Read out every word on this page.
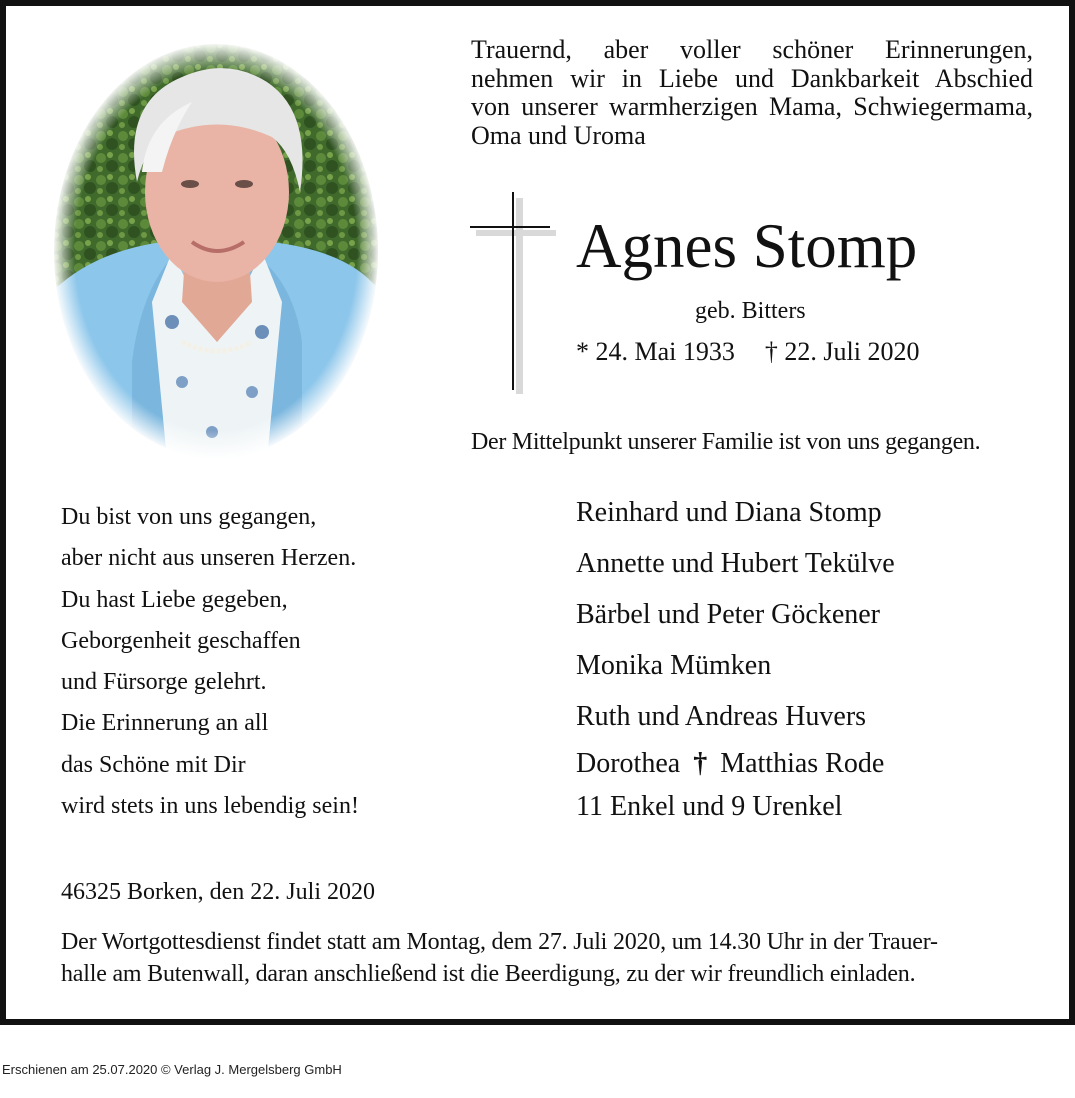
Trauernd, aber voller schöner Erinnerungen,
nehmen wir in Liebe und Dankbarkeit Abschied
von unserer warmherzigen Mama, Schwiegermama,
Oma und Uroma

Agnes Stomp
geb. Bitters
* 24. Mai 1933 † 22. Juli 2020
Der Mittelpunkt unserer Familie ist von uns gegangen.
Du bist von uns gegangen,
aber nicht aus unseren Herzen.
Du hast Liebe gegeben,
Geborgenheit geschaffen
und Fürsorge gelehrt.
Die Erinnerung an all
das Schöne mit Dir
wird stets in uns lebendig sein!
Reinhard und Diana Stomp
Annette und Hubert Tekülve
Bärbel und Peter Göckener
Monika Mümken
Ruth und Andreas Huvers
Dorothea † Matthias Rode
11 Enkel und 9 Urenkel
46325 Borken, den 22. Juli 2020

Der Wortgottesdienst findet statt am Montag, dem 27. Juli 2020, um 14.30 Uhr in der Trauer-
halle am Butenwall, daran anschließend ist die Beerdigung, zu der wir freundlich einladen.

Erschienen am 25.07.2020 © Verlag J. Mergelsberg GmbH
